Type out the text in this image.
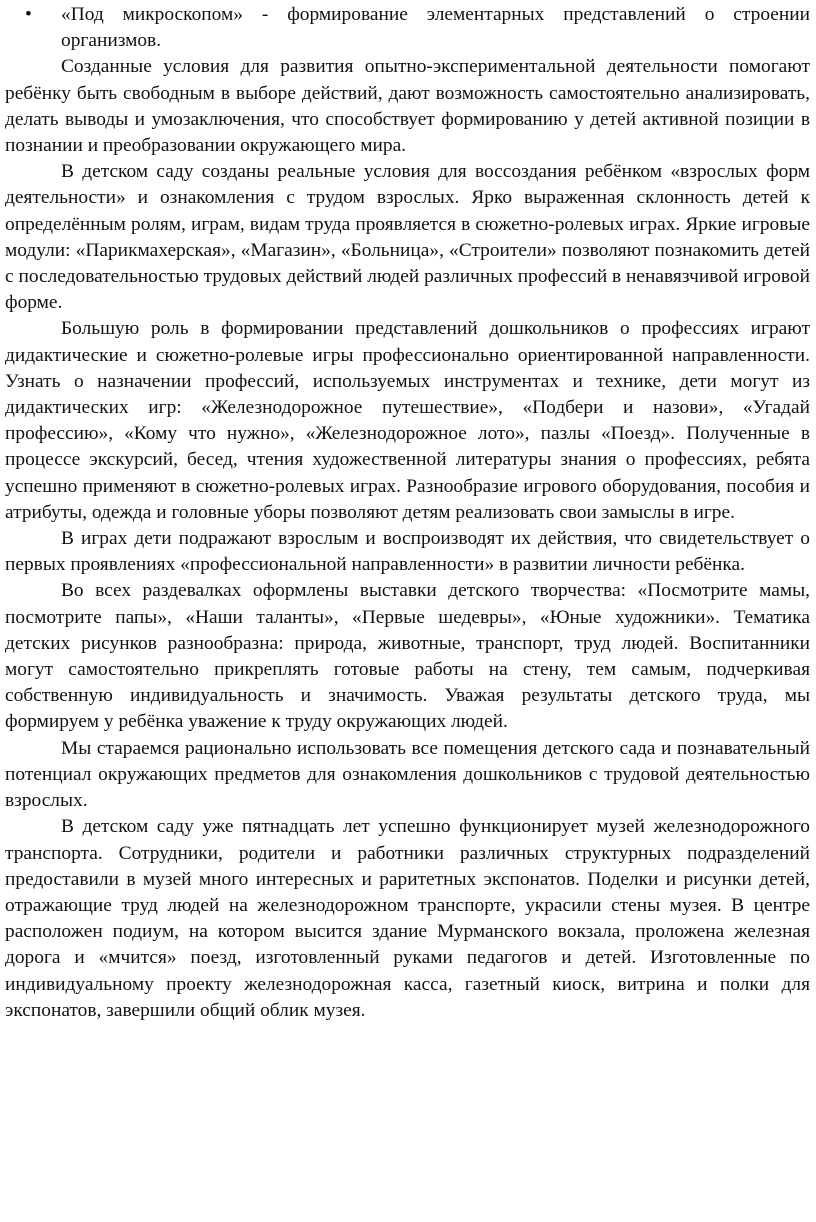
•	«Под микроскопом» - формирование элементарных представлений о строении организмов.

Созданные условия для развития опытно-экспериментальной деятельности помогают ребёнку быть свободным в выборе действий, дают возможность самостоятельно анализировать, делать выводы и умозаключения, что способствует формированию у детей активной позиции в познании и преобразовании окружающего мира.

В детском саду созданы реальные условия для воссоздания ребёнком «взрослых форм деятельности» и ознакомления с трудом взрослых. Ярко выраженная склонность детей к определённым ролям, играм, видам труда проявляется в сюжетно-ролевых играх. Яркие игровые модули: «Парикмахерская», «Магазин», «Больница», «Строители» позволяют познакомить детей с последовательностью трудовых действий людей различных профессий в ненавязчивой игровой форме.

Большую роль в формировании представлений дошкольников о профессиях играют дидактические и сюжетно-ролевые игры профессионально ориентированной направленности. Узнать о назначении профессий, используемых инструментах и технике, дети могут из дидактических игр: «Железнодорожное путешествие», «Подбери и назови», «Угадай профессию», «Кому что нужно», «Железнодорожное лото», пазлы «Поезд». Полученные в процессе экскурсий, бесед, чтения художественной литературы знания о профессиях, ребята успешно применяют в сюжетно-ролевых играх. Разнообразие игрового оборудования, пособия и атрибуты, одежда и головные уборы позволяют детям реализовать свои замыслы в игре.

В играх дети подражают взрослым и воспроизводят их действия, что свидетельствует о первых проявлениях «профессиональной направленности» в развитии личности ребёнка.

Во всех раздевалках оформлены выставки детского творчества: «Посмотрите мамы, посмотрите папы», «Наши таланты», «Первые шедевры», «Юные художники». Тематика детских рисунков разнообразна: природа, животные, транспорт, труд людей. Воспитанники могут самостоятельно прикреплять готовые работы на стену, тем самым, подчеркивая собственную индивидуальность и значимость. Уважая результаты детского труда, мы формируем у ребёнка уважение к труду окружающих людей.

Мы стараемся рационально использовать все помещения детского сада и познавательный потенциал окружающих предметов для ознакомления дошкольников с трудовой деятельностью взрослых.

В детском саду уже пятнадцать лет успешно функционирует музей железнодорожного транспорта. Сотрудники, родители и работники различных структурных подразделений предоставили в музей много интересных и раритетных экспонатов. Поделки и рисунки детей, отражающие труд людей на железнодорожном транспорте, украсили стены музея. В центре расположен подиум, на котором высится здание Мурманского вокзала, проложена железная дорога и «мчится» поезд, изготовленный руками педагогов и детей. Изготовленные по индивидуальному проекту железнодорожная касса, газетный киоск, витрина и полки для экспонатов, завершили общий облик музея.
